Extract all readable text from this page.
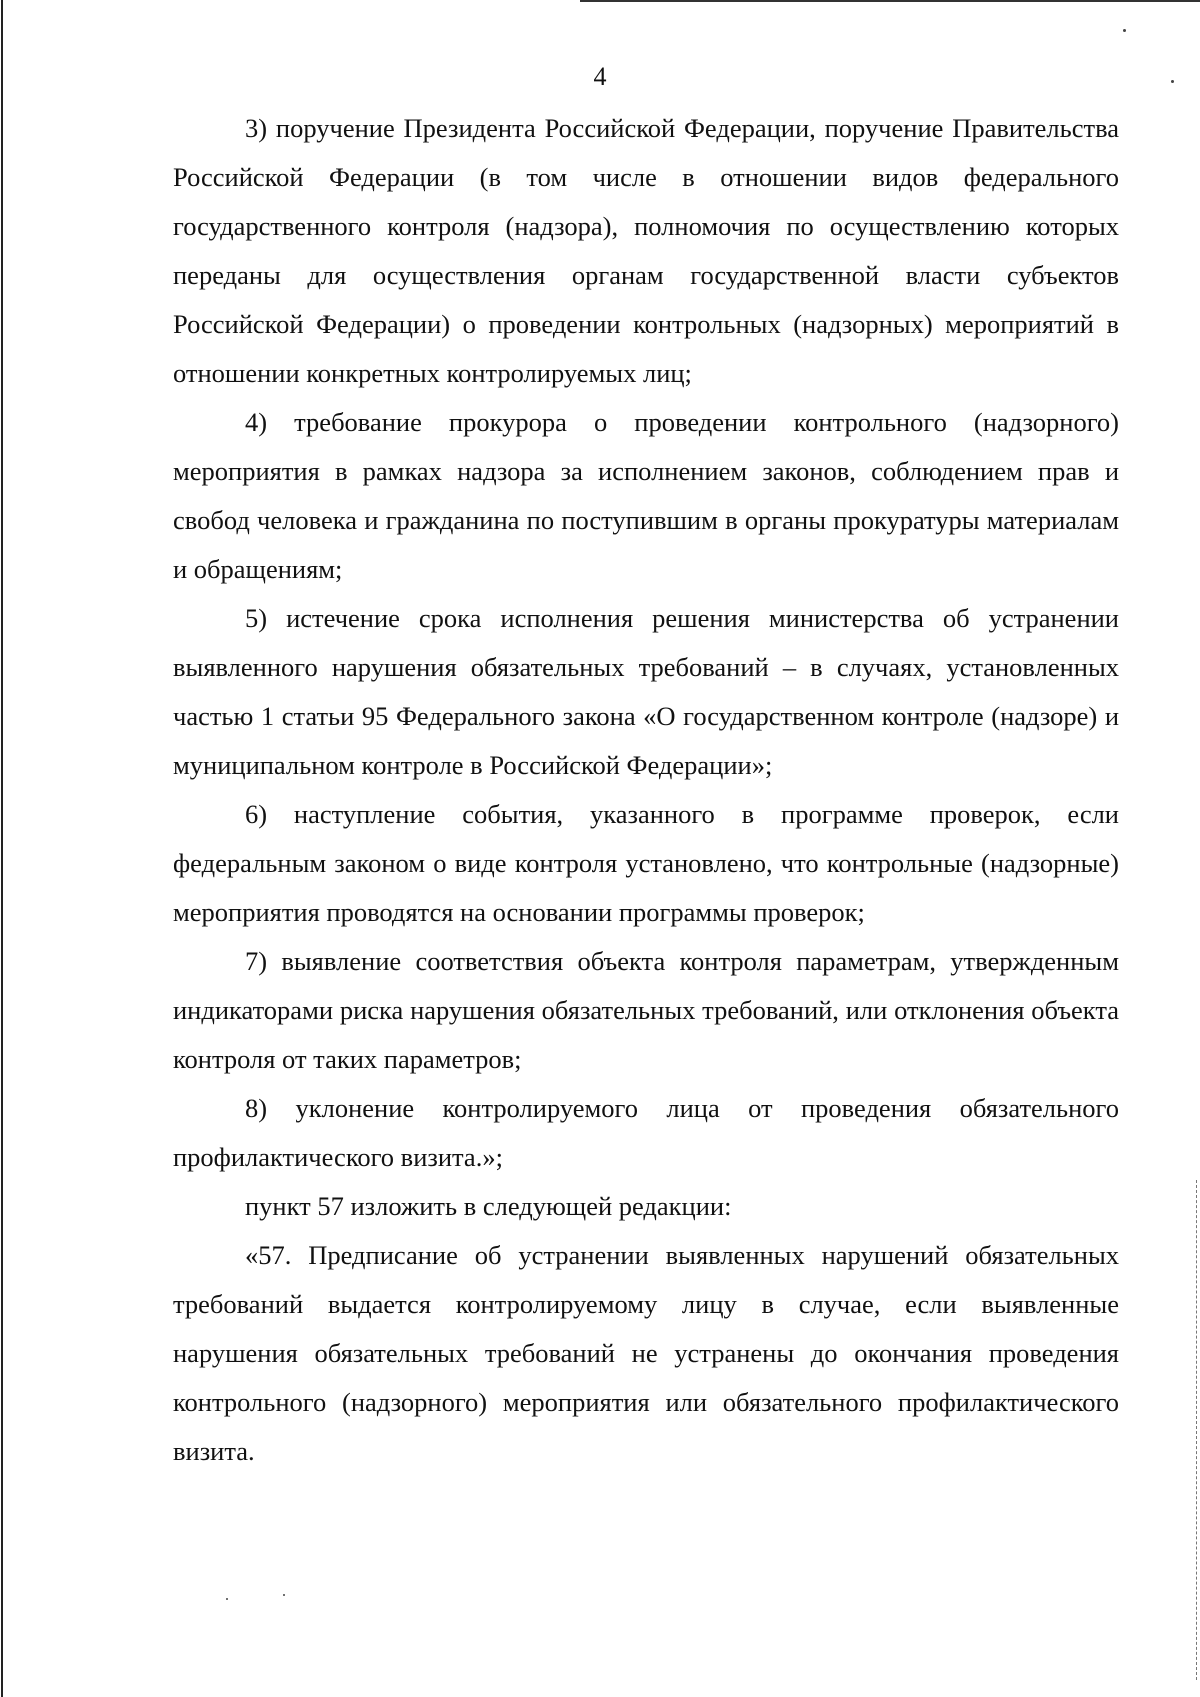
4

3) поручение Президента Российской Федерации, поручение Правительства Российской Федерации (в том числе в отношении видов федерального государственного контроля (надзора), полномочия по осуществлению которых переданы для осуществления органам государственной власти субъектов Российской Федерации) о проведении контрольных (надзорных) мероприятий в отношении конкретных контролируемых лиц;

4) требование прокурора о проведении контрольного (надзорного) мероприятия в рамках надзора за исполнением законов, соблюдением прав и свобод человека и гражданина по поступившим в органы прокуратуры материалам и обращениям;

5) истечение срока исполнения решения министерства об устранении выявленного нарушения обязательных требований – в случаях, установленных частью 1 статьи 95 Федерального закона «О государственном контроле (надзоре) и муниципальном контроле в Российской Федерации»;

6) наступление события, указанного в программе проверок, если федеральным законом о виде контроля установлено, что контрольные (надзорные) мероприятия проводятся на основании программы проверок;

7) выявление соответствия объекта контроля параметрам, утвержденным индикаторами риска нарушения обязательных требований, или отклонения объекта контроля от таких параметров;

8) уклонение контролируемого лица от проведения обязательного профилактического визита.»;

пункт 57 изложить в следующей редакции:

«57. Предписание об устранении выявленных нарушений обязательных требований выдается контролируемому лицу в случае, если выявленные нарушения обязательных требований не устранены до окончания проведения контрольного (надзорного) мероприятия или обязательного профилактического визита.
